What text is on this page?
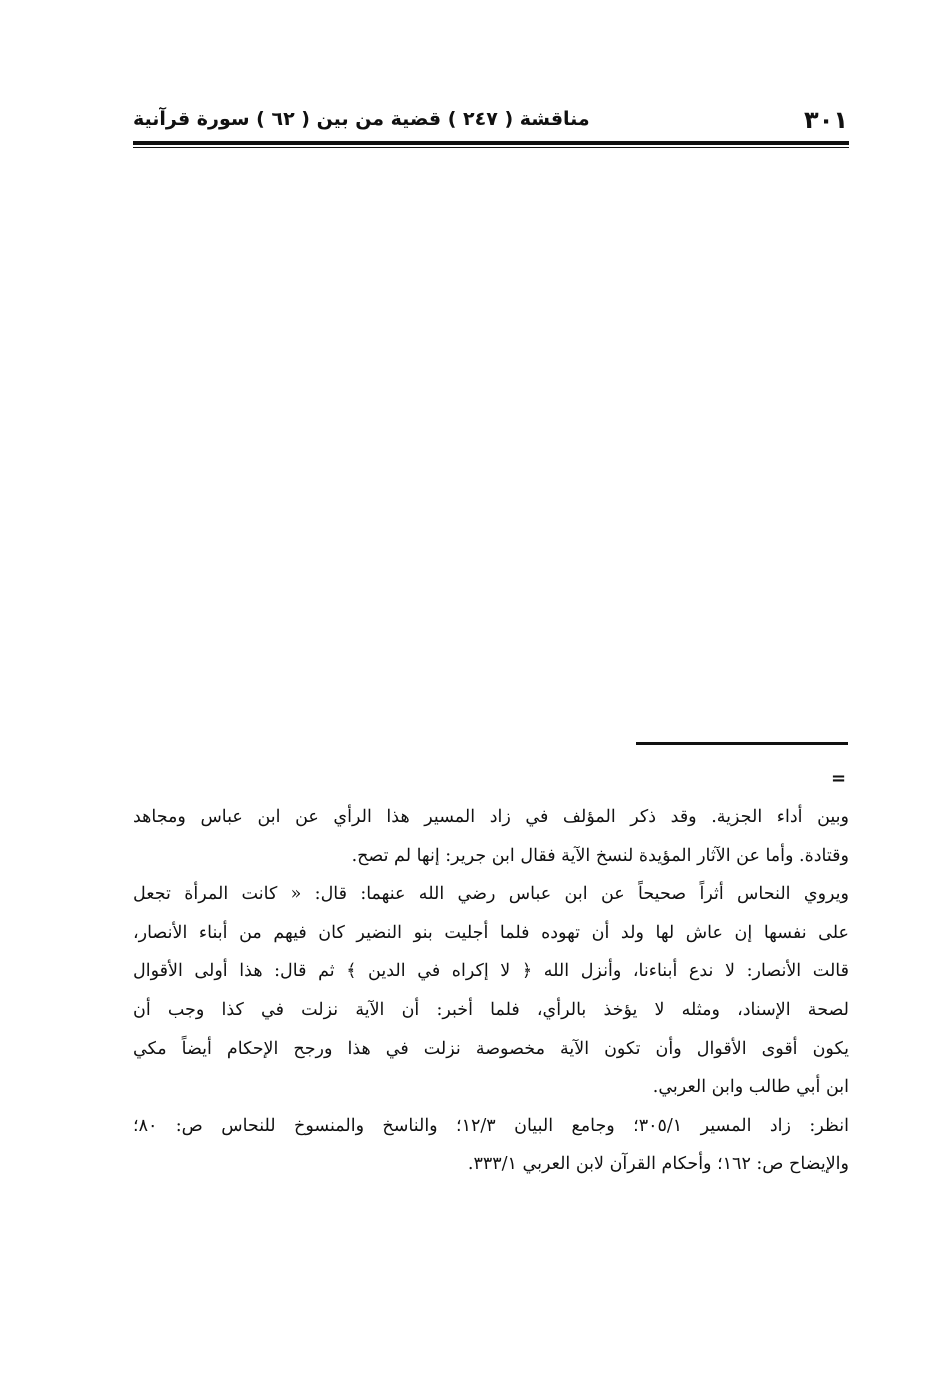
٣٠١
مناقشة ( ٢٤٧ ) قضية من بين ( ٦٢ ) سورة قرآنية
=
وبين أداء الجزية. وقد ذكر المؤلف في زاد المسير هذا الرأي عن ابن عباس ومجاهد
وقتادة. وأما عن الآثار المؤيدة لنسخ الآية فقال ابن جرير: إنها لم تصح.
ويروي النحاس أثراً صحيحاً عن ابن عباس رضي الله عنهما: قال: « كانت المرأة تجعل
على نفسها إن عاش لها ولد أن تهوده فلما أجليت بنو النضير كان فيهم من أبناء الأنصار،
قالت الأنصار: لا ندع أبناءنا، وأنزل الله ﴿ لا إكراه في الدين ﴾ ثم قال: هذا أولى الأقوال
لصحة الإسناد، ومثله لا يؤخذ بالرأي، فلما أخبر: أن الآية نزلت في كذا وجب أن
يكون أقوى الأقوال وأن تكون الآية مخصوصة نزلت في هذا ورجح الإحكام أيضاً مكي
ابن أبي طالب وابن العربي.
انظر: زاد المسير ٣٠٥/١؛ وجامع البيان ١٢/٣؛ والناسخ والمنسوخ للنحاس ص: ٨٠؛
والإيضاح ص: ١٦٢؛ وأحكام القرآن لابن العربي ٣٣٣/١.
